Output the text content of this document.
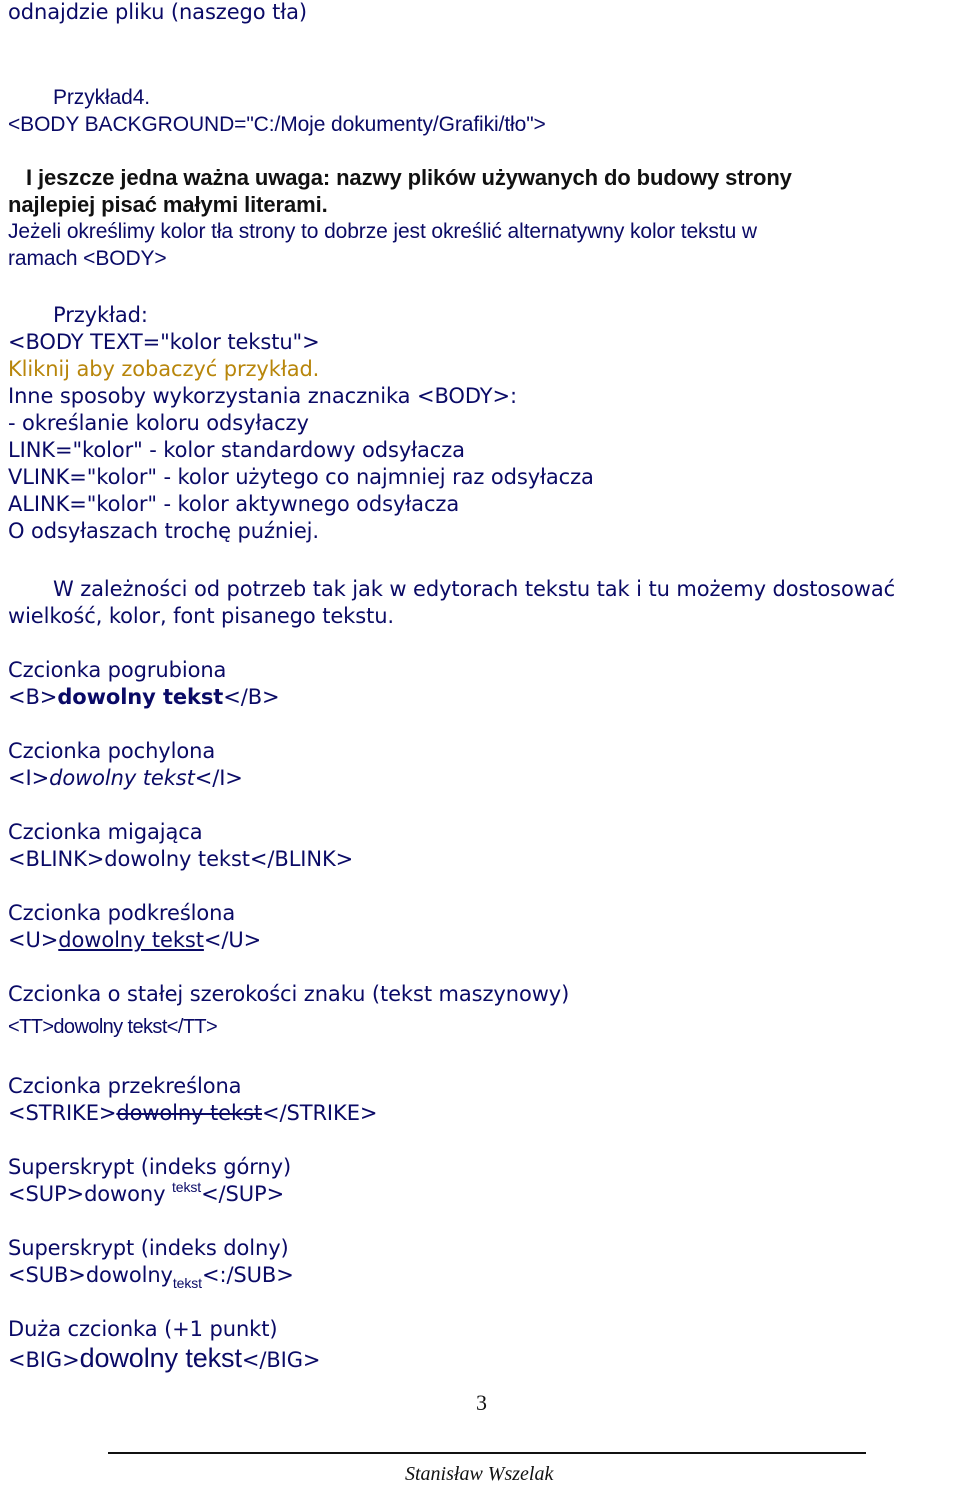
odnajdzie pliku (naszego tła)

Przykład4.

<BODY BACKGROUND="C:/Moje dokumenty/Grafiki/tło">

I jeszcze jedna ważna uwaga: nazwy plików używanych do budowy strony

najlepiej pisać małymi literami.

Jeżeli określimy kolor tła strony to dobrze jest określić alternatywny kolor tekstu w

ramach <BODY>

Przykład:

<BODY TEXT="kolor tekstu">

Kliknij aby zobaczyć przykład.

Inne sposoby wykorzystania znacznika <BODY>:

- określanie koloru odsyłaczy

LINK="kolor" - kolor standardowy odsyłacza

VLINK="kolor" - kolor użytego co najmniej raz odsyłacza

ALINK="kolor" - kolor aktywnego odsyłacza

O odsyłaszach trochę puźniej.

W zależności od potrzeb tak jak w edytorach tekstu tak i tu możemy dostosować

wielkość, kolor, font pisanego tekstu.

Czcionka pogrubiona

<B>dowolny tekst</B>

Czcionka pochylona

<I>dowolny tekst</I>

Czcionka migająca

<BLINK>dowolny tekst</BLINK>

Czcionka podkreślona

<U>dowolny tekst</U>

Czcionka o stałej szerokości znaku (tekst maszynowy)

<TT>dowolny tekst</TT>

Czcionka przekreślona

<STRIKE>dowolny tekst</STRIKE>

Superskrypt (indeks górny)

<SUP>dowony $^{tekst}$</SUP>

Superskrypt (indeks dolny)

<SUB>dowolny$_{tekst}$<:/SUB>

Duża czcionka (+1 punkt)

<BIG>dowolny tekst</BIG>

3
Stanisław Wszelak
